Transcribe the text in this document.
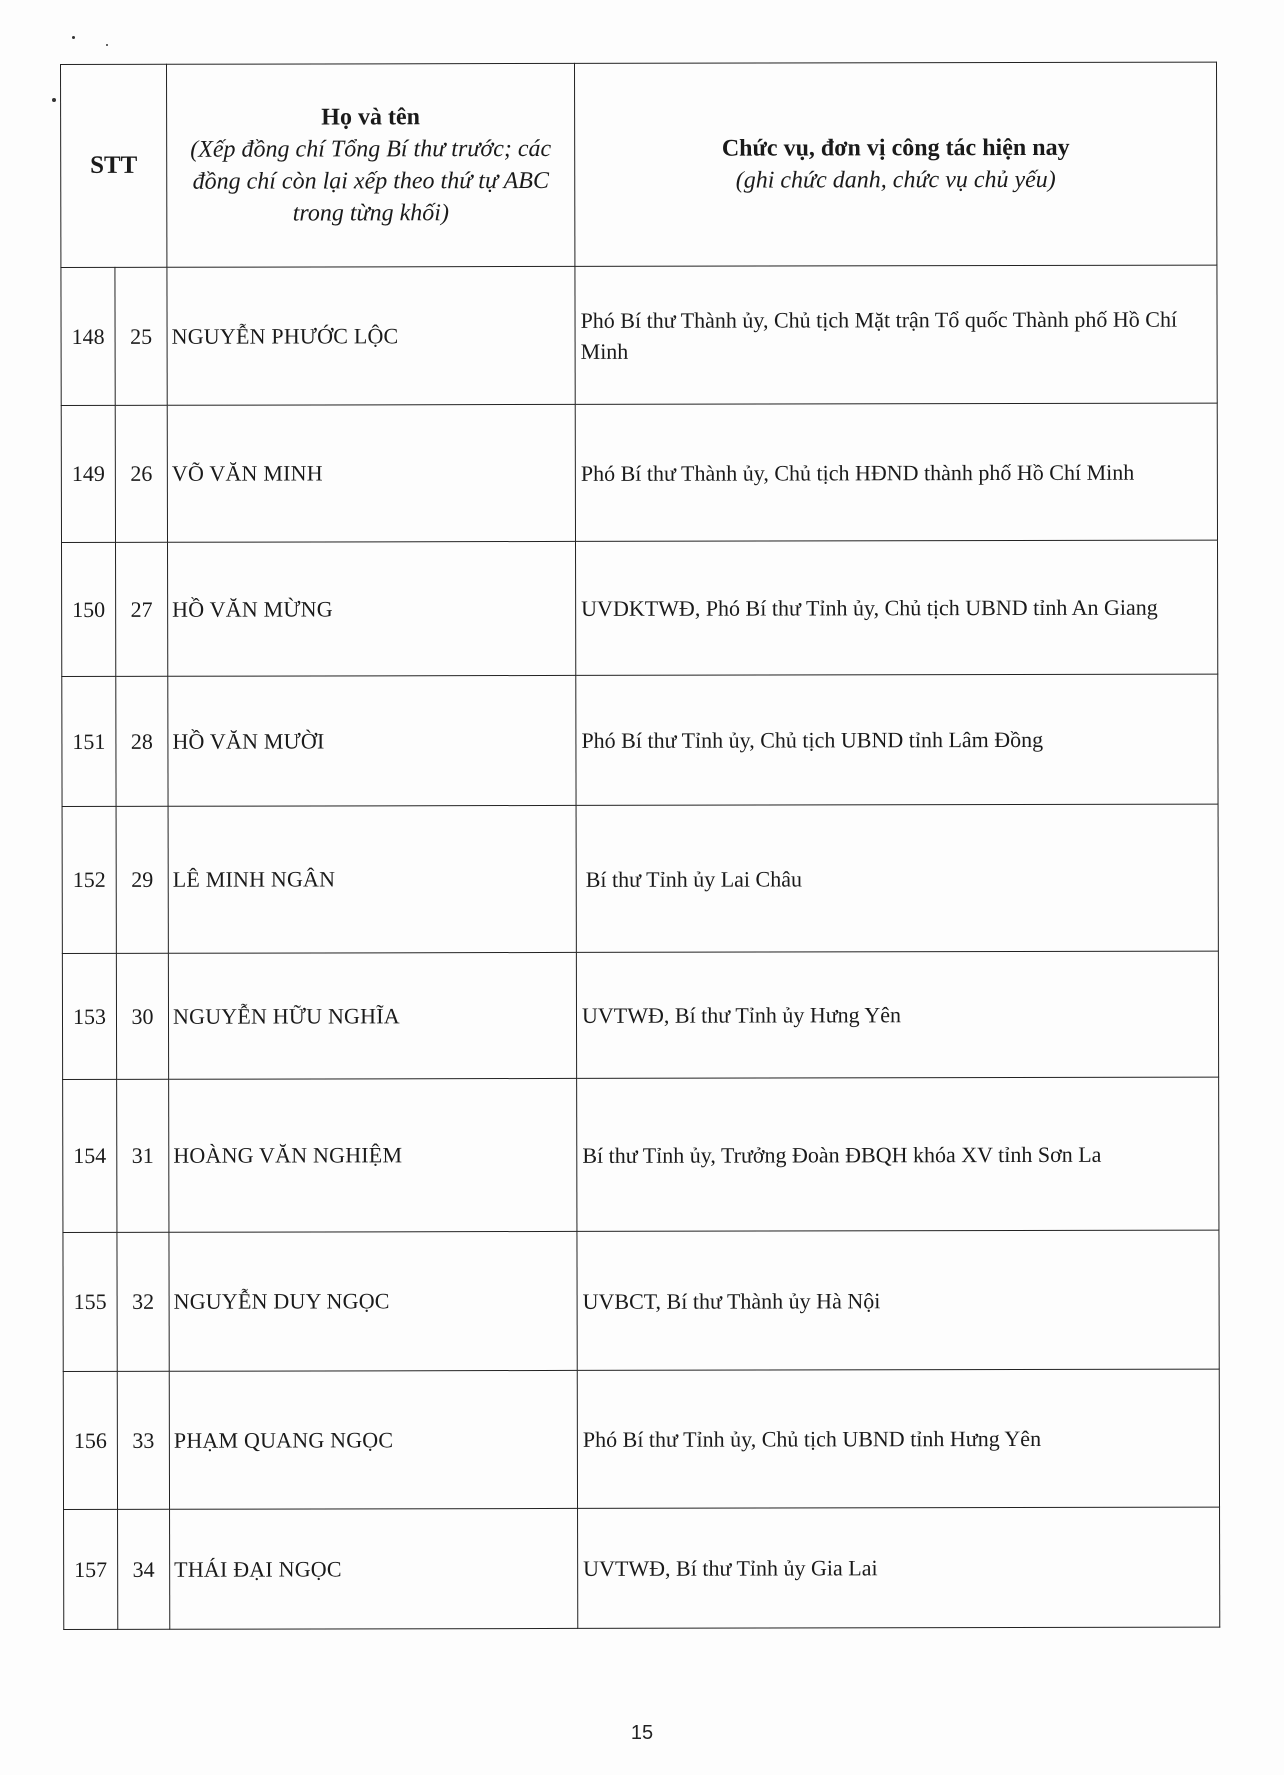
STT		Họ và tên
(Xếp đồng chí Tổng Bí thư trước; các đồng chí còn lại xếp theo thứ tự ABC trong từng khối)	Chức vụ, đơn vị công tác hiện nay
(ghi chức danh, chức vụ chủ yếu)

148	25	NGUYỄN PHƯỚC LỘC	Phó Bí thư Thành ủy, Chủ tịch Mặt trận Tổ quốc Thành phố Hồ Chí Minh
149	26	VÕ VĂN MINH	Phó Bí thư Thành ủy, Chủ tịch HĐND thành phố Hồ Chí Minh
150	27	HỒ VĂN MỪNG	UVDKTWĐ, Phó Bí thư Tỉnh ủy, Chủ tịch UBND tỉnh An Giang
151	28	HỒ VĂN MƯỜI	Phó Bí thư Tỉnh ủy, Chủ tịch UBND tỉnh Lâm Đồng
152	29	LÊ MINH NGÂN	Bí thư Tỉnh ủy Lai Châu
153	30	NGUYỄN HỮU NGHĨA	UVTWĐ, Bí thư Tỉnh ủy Hưng Yên
154	31	HOÀNG VĂN NGHIỆM	Bí thư Tỉnh ủy, Trưởng Đoàn ĐBQH khóa XV tỉnh Sơn La
155	32	NGUYỄN DUY NGỌC	UVBCT, Bí thư Thành ủy Hà Nội
156	33	PHẠM QUANG NGỌC	Phó Bí thư Tỉnh ủy, Chủ tịch UBND tỉnh Hưng Yên
157	34	THÁI ĐẠI NGỌC	UVTWĐ, Bí thư Tỉnh ủy Gia Lai
15
